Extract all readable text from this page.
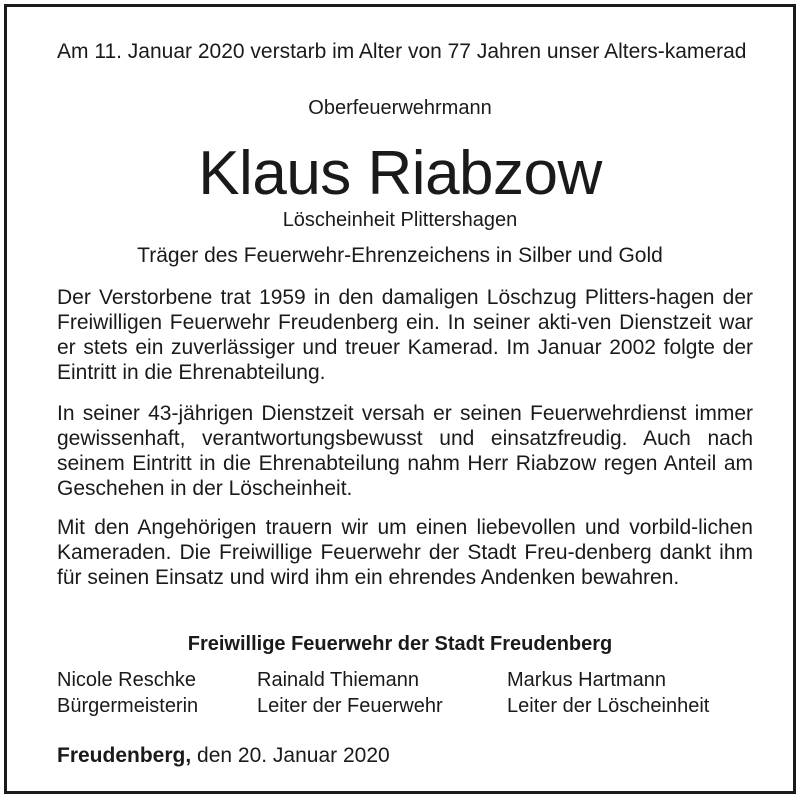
Am 11. Januar 2020 verstarb im Alter von 77 Jahren unser Alters-kamerad
Oberfeuerwehrmann
Klaus Riabzow
Löscheinheit Plittershagen
Träger des Feuerwehr-Ehrenzeichens in Silber und Gold

Der Verstorbene trat 1959 in den damaligen Löschzug Plitters-hagen der Freiwilligen Feuerwehr Freudenberg ein. In seiner akti-ven Dienstzeit war er stets ein zuverlässiger und treuer Kamerad. Im Januar 2002 folgte der Eintritt in die Ehrenabteilung.

In seiner 43-jährigen Dienstzeit versah er seinen Feuerwehrdienst immer gewissenhaft, verantwortungsbewusst und einsatzfreudig. Auch nach seinem Eintritt in die Ehrenabteilung nahm Herr Riabzow regen Anteil am Geschehen in der Löscheinheit.

Mit den Angehörigen trauern wir um einen liebevollen und vorbild-lichen Kameraden. Die Freiwillige Feuerwehr der Stadt Freu-denberg dankt ihm für seinen Einsatz und wird ihm ein ehrendes Andenken bewahren.

Freiwillige Feuerwehr der Stadt Freudenberg
Nicole Reschke
Bürgermeisterin
Rainald Thiemann
Leiter der Feuerwehr
Markus Hartmann
Leiter der Löscheinheit
Freudenberg, den 20. Januar 2020
